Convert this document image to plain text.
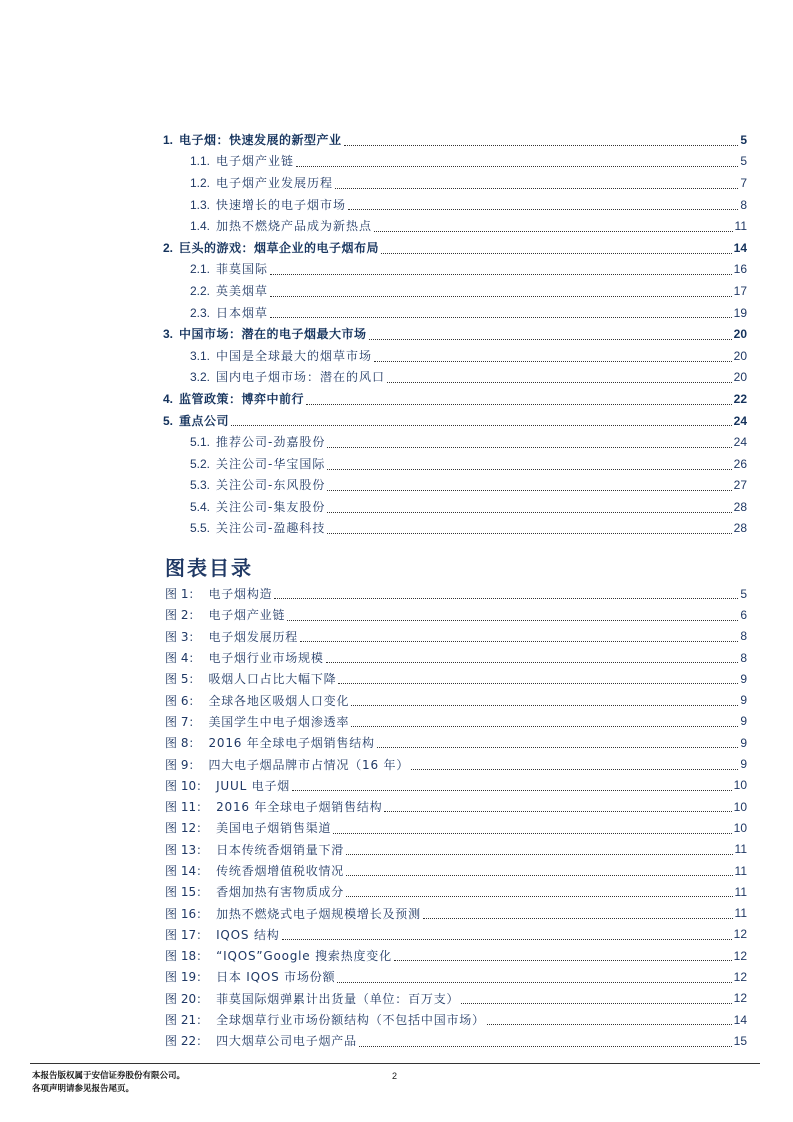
1. 电子烟：快速发展的新型产业	5
1.1. 电子烟产业链	5
1.2. 电子烟产业发展历程	7
1.3. 快速增长的电子烟市场	8
1.4. 加热不燃烧产品成为新热点	11
2. 巨头的游戏：烟草企业的电子烟布局	14
2.1. 菲莫国际	16
2.2. 英美烟草	17
2.3. 日本烟草	19
3. 中国市场：潜在的电子烟最大市场	20
3.1. 中国是全球最大的烟草市场	20
3.2. 国内电子烟市场：潜在的风口	20
4. 监管政策：博弈中前行	22
5. 重点公司	24
5.1. 推荐公司-劲嘉股份	24
5.2. 关注公司-华宝国际	26
5.3. 关注公司-东风股份	27
5.4. 关注公司-集友股份	28
5.5. 关注公司-盈趣科技	28
图表目录
图 1： 电子烟构造	5
图 2： 电子烟产业链	6
图 3： 电子烟发展历程	8
图 4： 电子烟行业市场规模	8
图 5： 吸烟人口占比大幅下降	9
图 6： 全球各地区吸烟人口变化	9
图 7： 美国学生中电子烟渗透率	9
图 8： 2016 年全球电子烟销售结构	9
图 9： 四大电子烟品牌市占情况（16 年）	9
图 10： JUUL 电子烟	10
图 11： 2016 年全球电子烟销售结构	10
图 12： 美国电子烟销售渠道	10
图 13： 日本传统香烟销量下滑	11
图 14： 传统香烟增值税收情况	11
图 15： 香烟加热有害物质成分	11
图 16： 加热不燃烧式电子烟规模增长及预测	11
图 17： IQOS 结构	12
图 18： “IQOS”Google 搜索热度变化	12
图 19： 日本 IQOS 市场份额	12
图 20： 菲莫国际烟弹累计出货量（单位：百万支）	12
图 21： 全球烟草行业市场份额结构（不包括中国市场）	14
图 22： 四大烟草公司电子烟产品	15
本报告版权属于安信证券股份有限公司。
各项声明请参见报告尾页。
2
